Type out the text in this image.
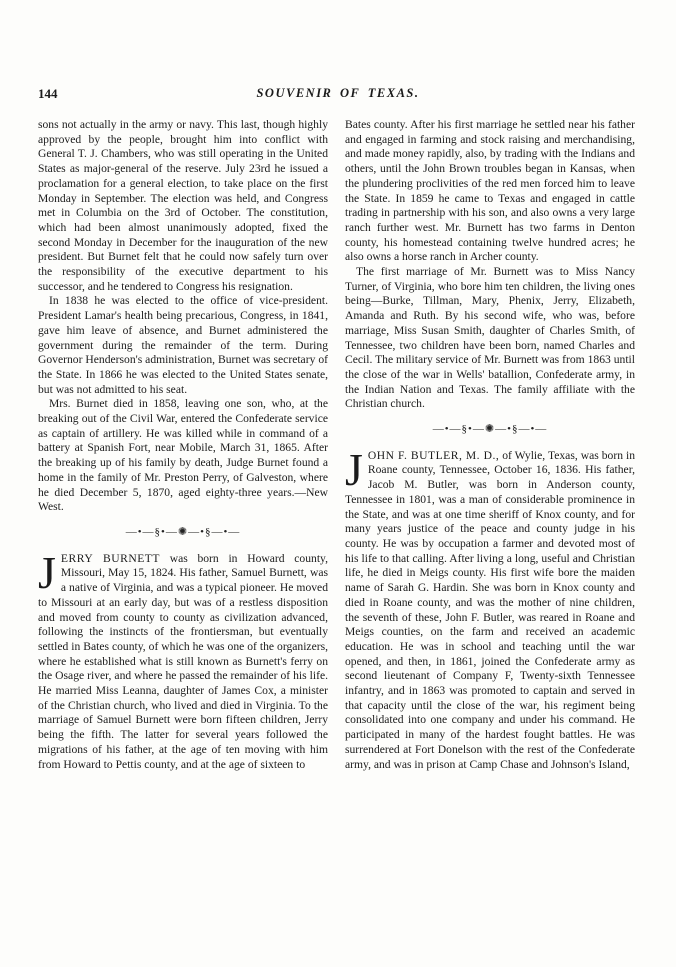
144	SOUVENIR OF TEXAS.

sons not actually in the army or navy. This last, though highly approved by the people, brought him into conflict with General T. J. Chambers, who was still operating in the United States as major-general of the reserve. July 23rd he issued a proclamation for a general election, to take place on the first Monday in September. The election was held, and Congress met in Columbia on the 3rd of October. The constitution, which had been almost unanimously adopted, fixed the second Monday in December for the inauguration of the new president. But Burnet felt that he could now safely turn over the responsibility of the executive department to his successor, and he tendered to Congress his resignation.

In 1838 he was elected to the office of vice-president. President Lamar's health being precarious, Congress, in 1841, gave him leave of absence, and Burnet administered the government during the remainder of the term. During Governor Henderson's administration, Burnet was secretary of the State. In 1866 he was elected to the United States senate, but was not admitted to his seat.

Mrs. Burnet died in 1858, leaving one son, who, at the breaking out of the Civil War, entered the Confederate service as captain of artillery. He was killed while in command of a battery at Spanish Fort, near Mobile, March 31, 1865. After the breaking up of his family by death, Judge Burnet found a home in the family of Mr. Preston Perry, of Galveston, where he died December 5, 1870, aged eighty-three years.—New West.

—•—§•—✺—•§—•—

JERRY BURNETT was born in Howard county, Missouri, May 15, 1824. His father, Samuel Burnett, was a native of Virginia, and was a typical pioneer. He moved to Missouri at an early day, but was of a restless disposition and moved from county to county as civilization advanced, following the instincts of the frontiersman, but eventually settled in Bates county, of which he was one of the organizers, where he established what is still known as Burnett's ferry on the Osage river, and where he passed the remainder of his life. He married Miss Leanna, daughter of James Cox, a minister of the Christian church, who lived and died in Virginia. To the marriage of Samuel Burnett were born fifteen children, Jerry being the fifth. The latter for several years followed the migrations of his father, at the age of ten moving with him from Howard to Pettis county, and at the age of sixteen to

Bates county. After his first marriage he settled near his father and engaged in farming and stock raising and merchandising, and made money rapidly, also, by trading with the Indians and others, until the John Brown troubles began in Kansas, when the plundering proclivities of the red men forced him to leave the State. In 1859 he came to Texas and engaged in cattle trading in partnership with his son, and also owns a very large ranch further west. Mr. Burnett has two farms in Denton county, his homestead containing twelve hundred acres; he also owns a horse ranch in Archer county.

The first marriage of Mr. Burnett was to Miss Nancy Turner, of Virginia, who bore him ten children, the living ones being—Burke, Tillman, Mary, Phenix, Jerry, Elizabeth, Amanda and Ruth. By his second wife, who was, before marriage, Miss Susan Smith, daughter of Charles Smith, of Tennessee, two children have been born, named Charles and Cecil. The military service of Mr. Burnett was from 1863 until the close of the war in Wells' batallion, Confederate army, in the Indian Nation and Texas. The family affiliate with the Christian church.

—•—§•—✺—•§—•—

JOHN F. BUTLER, M. D., of Wylie, Texas, was born in Roane county, Tennessee, October 16, 1836. His father, Jacob M. Butler, was born in Anderson county, Tennessee in 1801, was a man of considerable prominence in the State, and was at one time sheriff of Knox county, and for many years justice of the peace and county judge in his county. He was by occupation a farmer and devoted most of his life to that calling. After living a long, useful and Christian life, he died in Meigs county. His first wife bore the maiden name of Sarah G. Hardin. She was born in Knox county and died in Roane county, and was the mother of nine children, the seventh of these, John F. Butler, was reared in Roane and Meigs counties, on the farm and received an academic education. He was in school and teaching until the war opened, and then, in 1861, joined the Confederate army as second lieutenant of Company F, Twenty-sixth Tennessee infantry, and in 1863 was promoted to captain and served in that capacity until the close of the war, his regiment being consolidated into one company and under his command. He participated in many of the hardest fought battles. He was surrendered at Fort Donelson with the rest of the Confederate army, and was in prison at Camp Chase and Johnson's Island,
